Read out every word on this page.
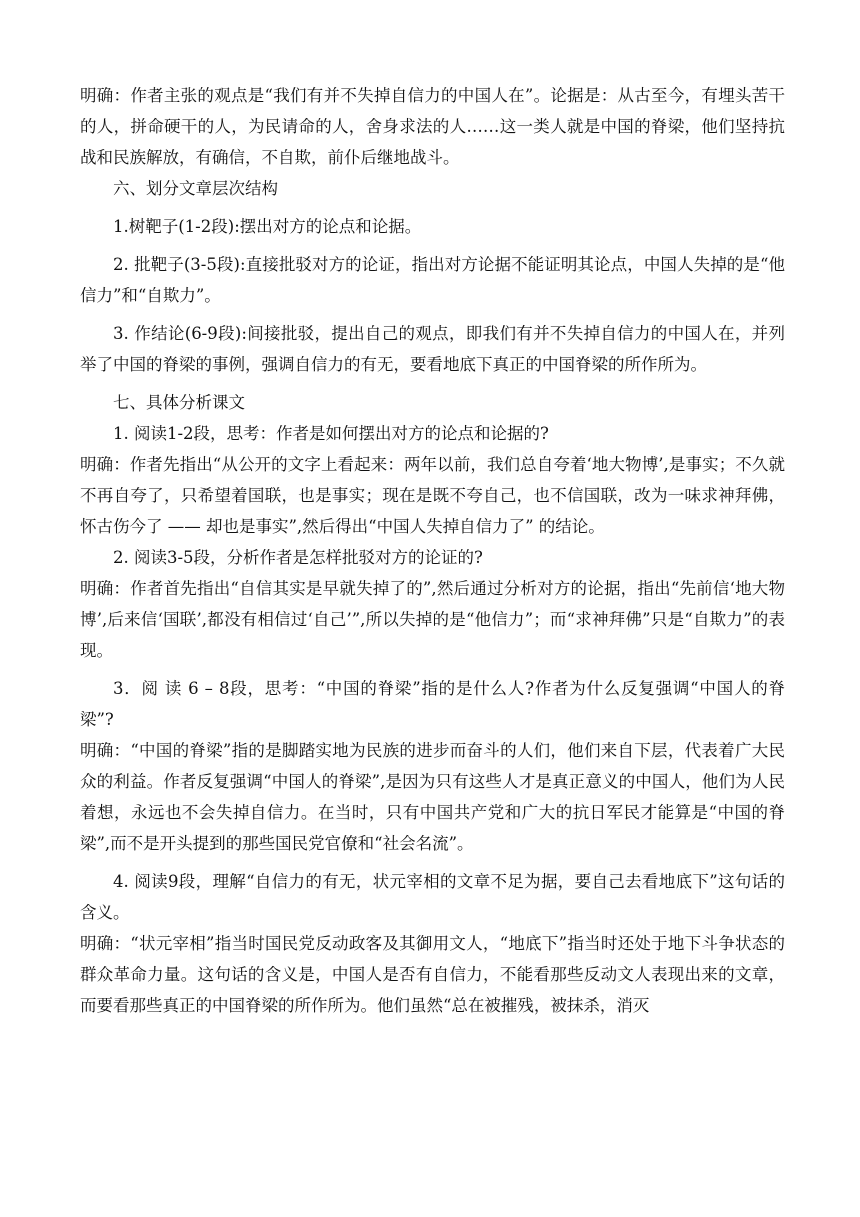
明确：作者主张的观点是“我们有并不失掉自信力的中国人在”。论据是：从古至今，有埋头苦干的人，拼命硬干的人，为民请命的人，舍身求法的人……这一类人就是中国的脊梁，他们坚持抗战和民族解放，有确信，不自欺，前仆后继地战斗。

六、划分文章层次结构

1.树靶子(1-2段):摆出对方的论点和论据。

2. 批靶子(3-5段):直接批驳对方的论证，指出对方论据不能证明其论点，中国人失掉的是“他信力”和“自欺力”。

3. 作结论(6-9段):间接批驳，提出自己的观点，即我们有并不失掉自信力的中国人在，并列举了中国的脊梁的事例，强调自信力的有无，要看地底下真正的中国脊梁的所作所为。

七、具体分析课文

1. 阅读1-2段，思考：作者是如何摆出对方的论点和论据的?

明确：作者先指出“从公开的文字上看起来：两年以前，我们总自夸着‘地大物博’,是事实；不久就不再自夸了，只希望着国联，也是事实；现在是既不夸自己，也不信国联，改为一味求神拜佛，怀古伤今了 —— 却也是事实”,然后得出“中国人失掉自信力了” 的结论。

2. 阅读3-5段，分析作者是怎样批驳对方的论证的?

明确：作者首先指出“自信其实是早就失掉了的”,然后通过分析对方的论据，指出“先前信‘地大物博’,后来信‘国联’,都没有相信过‘自己’”,所以失掉的是“他信力”；而“求神拜佛”只是“自欺力”的表现。

3．阅 读 6 – 8段，思考：“中国的脊梁”指的是什么人?作者为什么反复强调“中国人的脊梁”?

明确：“中国的脊梁”指的是脚踏实地为民族的进步而奋斗的人们，他们来自下层，代表着广大民众的利益。作者反复强调“中国人的脊梁”,是因为只有这些人才是真正意义的中国人，他们为人民着想，永远也不会失掉自信力。在当时，只有中国共产党和广大的抗日军民才能算是“中国的脊梁”,而不是开头提到的那些国民党官僚和“社会名流”。

4. 阅读9段，理解“自信力的有无，状元宰相的文章不足为据，要自己去看地底下”这句话的含义。

明确：“状元宰相”指当时国民党反动政客及其御用文人，“地底下”指当时还处于地下斗争状态的群众革命力量。这句话的含义是，中国人是否有自信力，不能看那些反动文人表现出来的文章，而要看那些真正的中国脊梁的所作所为。他们虽然“总在被摧残，被抹杀，消灭
